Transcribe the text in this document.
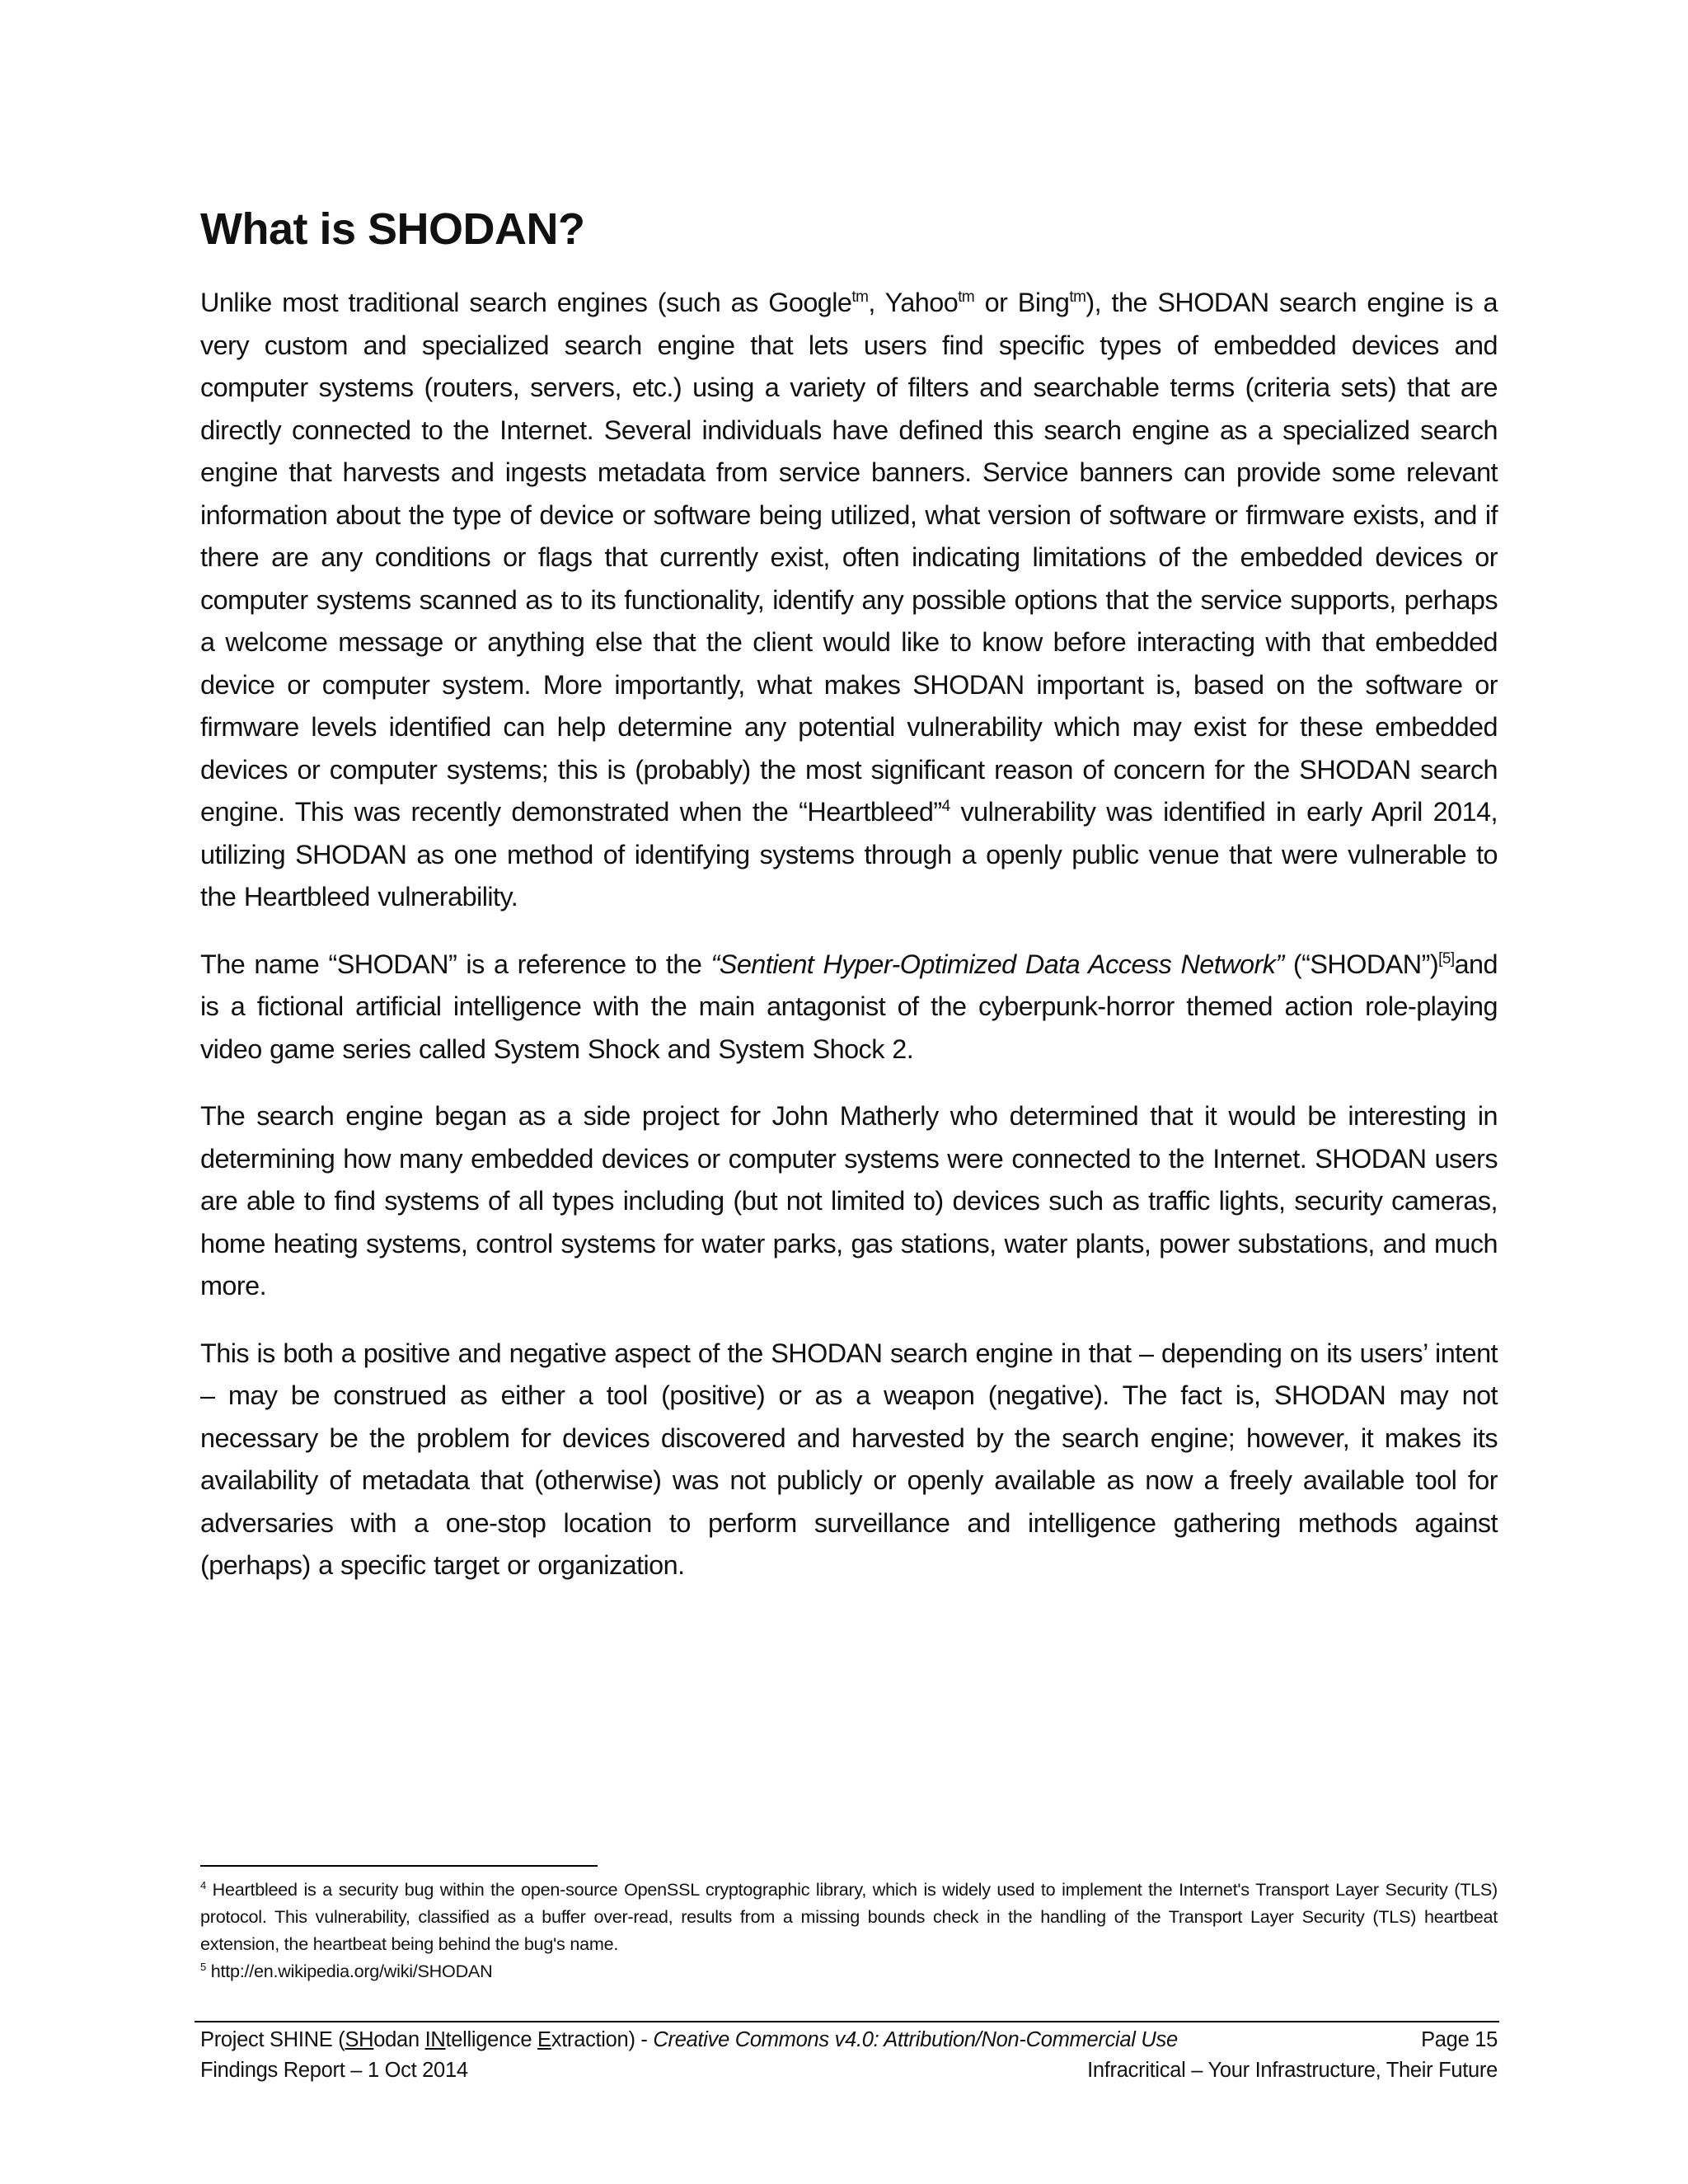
What is SHODAN?

Unlike most traditional search engines (such as Google$^{tm}$, Yahoo$^{tm}$ or Bing$^{tm}$), the SHODAN search engine is a very custom and specialized search engine that lets users find specific types of embedded devices and computer systems (routers, servers, etc.) using a variety of filters and searchable terms (criteria sets) that are directly connected to the Internet. Several individuals have defined this search engine as a specialized search engine that harvests and ingests metadata from service banners. Service banners can provide some relevant information about the type of device or software being utilized, what version of software or firmware exists, and if there are any conditions or flags that currently exist, often indicating limitations of the embedded devices or computer systems scanned as to its functionality, identify any possible options that the service supports, perhaps a welcome message or anything else that the client would like to know before interacting with that embedded device or computer system. More importantly, what makes SHODAN important is, based on the software or firmware levels identified can help determine any potential vulnerability which may exist for these embedded devices or computer systems; this is (probably) the most significant reason of concern for the SHODAN search engine. This was recently demonstrated when the “Heartbleed”$^4$ vulnerability was identified in early April 2014, utilizing SHODAN as one method of identifying systems through a openly public venue that were vulnerable to the Heartbleed vulnerability.

The name “SHODAN” is a reference to the “Sentient Hyper-Optimized Data Access Network” (“SHODAN”)[5]and is a fictional artificial intelligence with the main antagonist of the cyberpunk-horror themed action role-playing video game series called System Shock and System Shock 2.

The search engine began as a side project for John Matherly who determined that it would be interesting in determining how many embedded devices or computer systems were connected to the Internet. SHODAN users are able to find systems of all types including (but not limited to) devices such as traffic lights, security cameras, home heating systems, control systems for water parks, gas stations, water plants, power substations, and much more.

This is both a positive and negative aspect of the SHODAN search engine in that – depending on its users’ intent – may be construed as either a tool (positive) or as a weapon (negative). The fact is, SHODAN may not necessary be the problem for devices discovered and harvested by the search engine; however, it makes its availability of metadata that (otherwise) was not publicly or openly available as now a freely available tool for adversaries with a one-stop location to perform surveillance and intelligence gathering methods against (perhaps) a specific target or organization.

$^4$ Heartbleed is a security bug within the open-source OpenSSL cryptographic library, which is widely used to implement the Internet's Transport Layer Security (TLS) protocol. This vulnerability, classified as a buffer over-read, results from a missing bounds check in the handling of the Transport Layer Security (TLS) heartbeat extension, the heartbeat being behind the bug's name.

$^5$ http://en.wikipedia.org/wiki/SHODAN

Project SHINE (SHodan INtelligence Extraction) - Creative Commons v4.0: Attribution/Non-Commercial Use	Page 15
Findings Report – 1 Oct 2014	Infracritical – Your Infrastructure, Their Future
